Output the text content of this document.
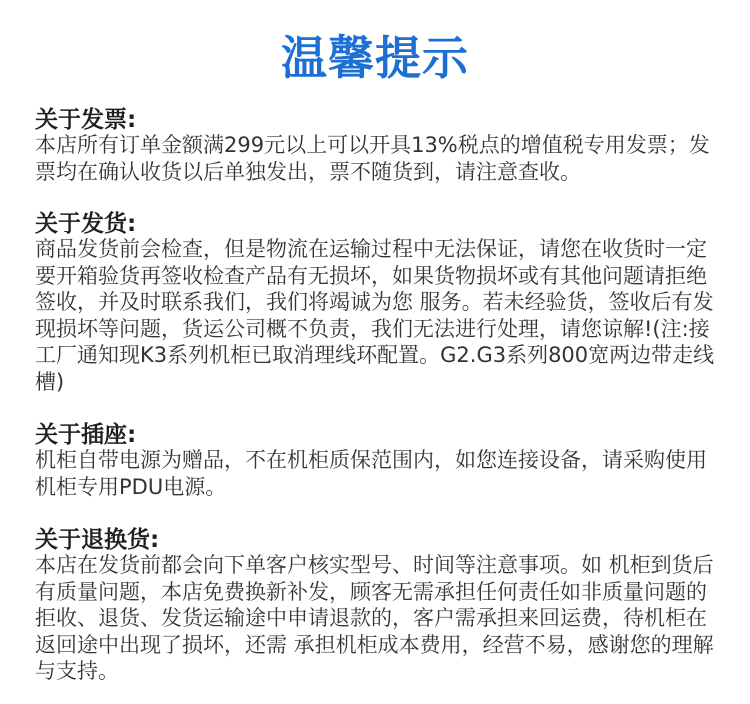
温馨提示
关于发票:
本店所有订单金额满299元以上可以开具13%税点的增值税专用发票；发
票均在确认收货以后单独发出，票不随货到，请注意查收。
关于发货:
商品发货前会检查，但是物流在运输过程中无法保证，请您在收货时一定
要开箱验货再签收检查产品有无损坏，如果货物损坏或有其他问题请拒绝
签收，并及时联系我们，我们将竭诚为您 服务。若未经验货，签收后有发
现损坏等问题，货运公司概不负责，我们无法进行处理，请您谅解!(注:接
工厂通知现K3系列机柜已取消理线环配置。G2.G3系列800宽两边带走线
槽)
关于插座:
机柜自带电源为赠品，不在机柜质保范围内，如您连接设备，请采购使用
机柜专用PDU电源。
关于退换货:
本店在发货前都会向下单客户核实型号、时间等注意事项。如 机柜到货后
有质量问题，本店免费换新补发，顾客无需承担任何责任如非质量问题的
拒收、退货、发货运输途中申请退款的，客户需承担来回运费，待机柜在
返回途中出现了损坏，还需 承担机柜成本费用，经营不易，感谢您的理解
与支持。
